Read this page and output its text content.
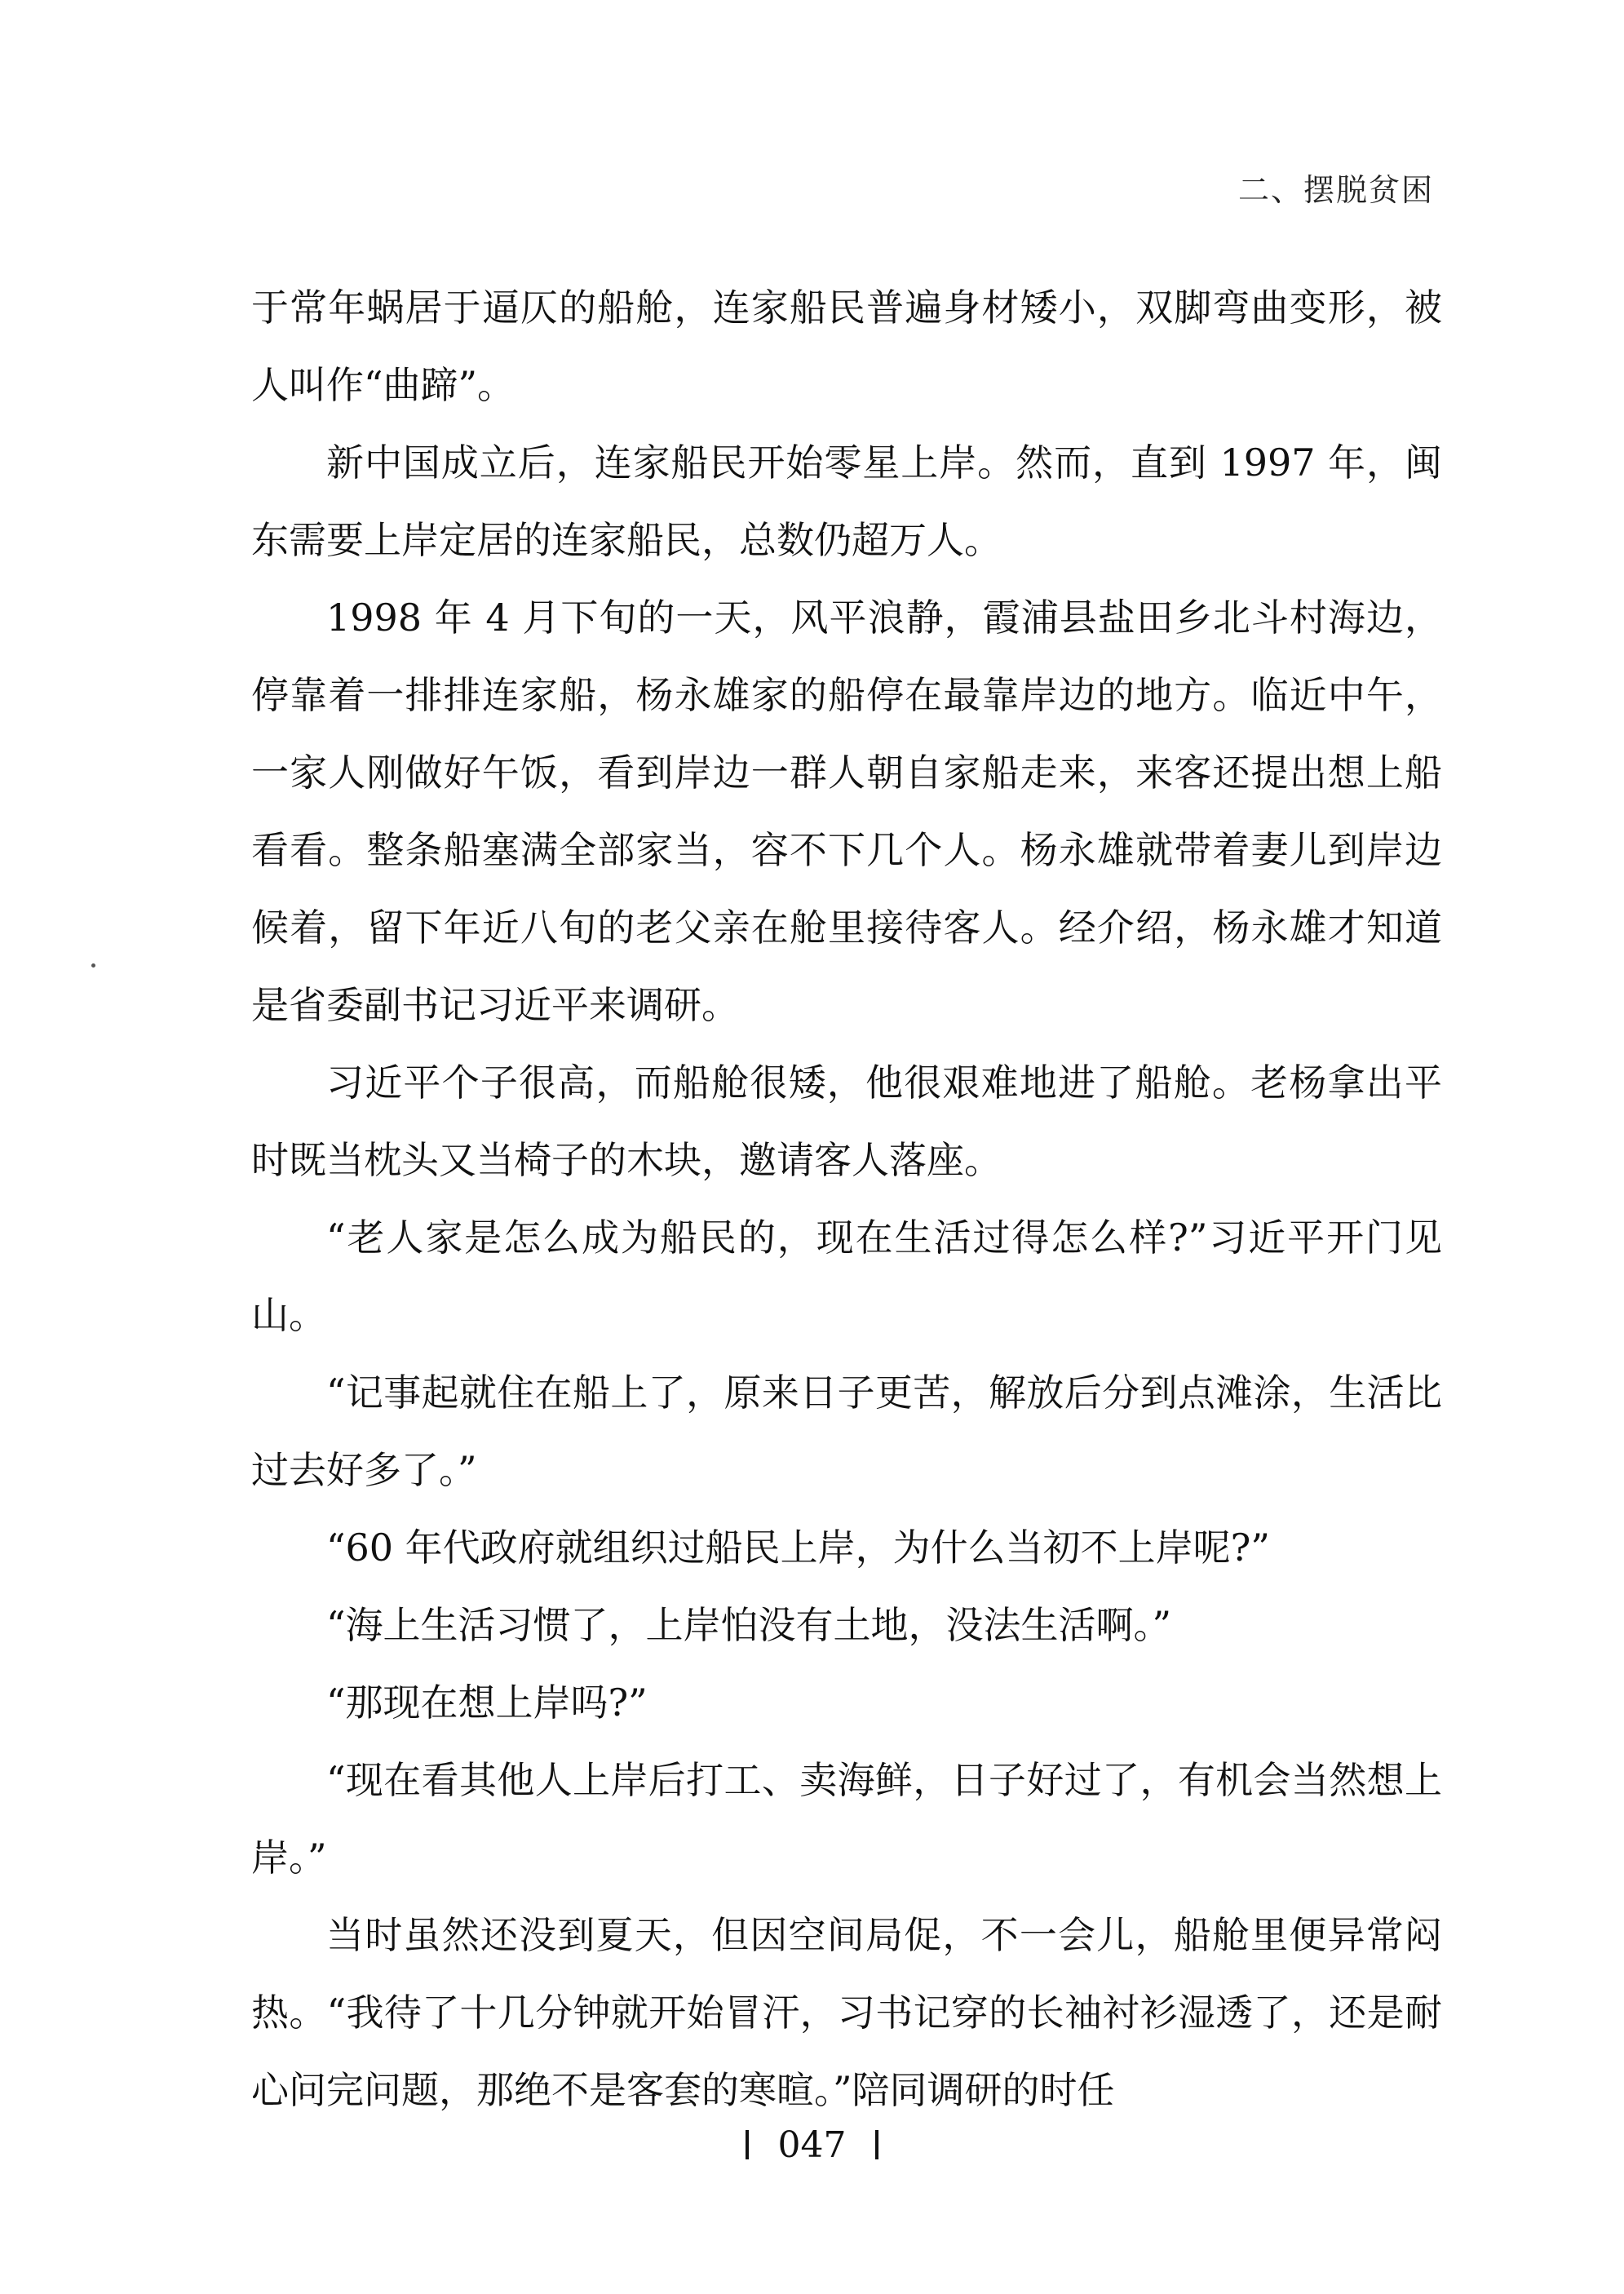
二、摆脱贫困

于常年蜗居于逼仄的船舱，连家船民普遍身材矮小，双脚弯曲变形，被人叫作“曲蹄”。

新中国成立后，连家船民开始零星上岸。然而，直到 1997 年，闽东需要上岸定居的连家船民，总数仍超万人。

1998 年 4 月下旬的一天，风平浪静，霞浦县盐田乡北斗村海边，停靠着一排排连家船，杨永雄家的船停在最靠岸边的地方。临近中午，一家人刚做好午饭，看到岸边一群人朝自家船走来，来客还提出想上船看看。整条船塞满全部家当，容不下几个人。杨永雄就带着妻儿到岸边候着，留下年近八旬的老父亲在舱里接待客人。经介绍，杨永雄才知道是省委副书记习近平来调研。

习近平个子很高，而船舱很矮，他很艰难地进了船舱。老杨拿出平时既当枕头又当椅子的木块，邀请客人落座。

“老人家是怎么成为船民的，现在生活过得怎么样?”习近平开门见山。

“记事起就住在船上了，原来日子更苦，解放后分到点滩涂，生活比过去好多了。”

“60 年代政府就组织过船民上岸，为什么当初不上岸呢?”

“海上生活习惯了，上岸怕没有土地，没法生活啊。”

“那现在想上岸吗?”

“现在看其他人上岸后打工、卖海鲜，日子好过了，有机会当然想上岸。”

当时虽然还没到夏天，但因空间局促，不一会儿，船舱里便异常闷热。“我待了十几分钟就开始冒汗，习书记穿的长袖衬衫湿透了，还是耐心问完问题，那绝不是客套的寒暄。”陪同调研的时任

047
